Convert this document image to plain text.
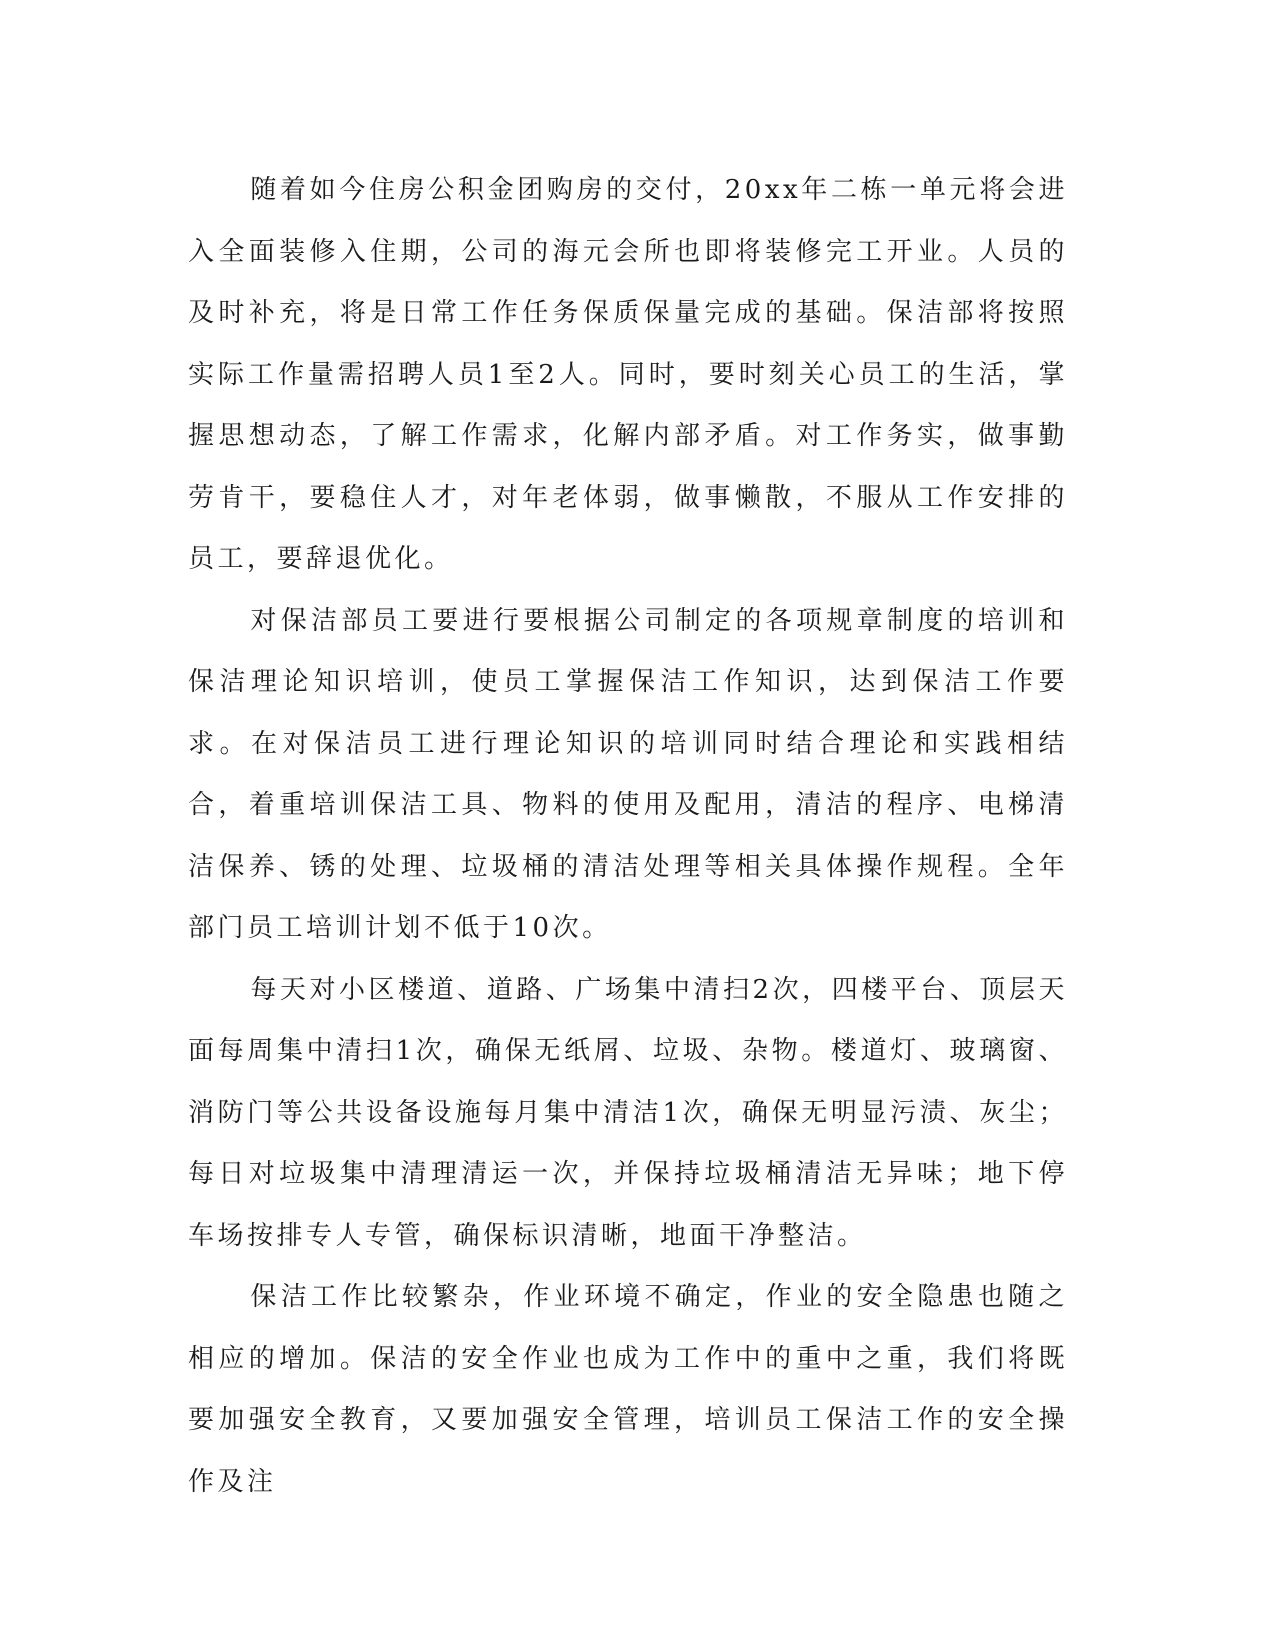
随着如今住房公积金团购房的交付，20xx年二栋一单元将会进入全面装修入住期，公司的海元会所也即将装修完工开业。人员的及时补充，将是日常工作任务保质保量完成的基础。保洁部将按照实际工作量需招聘人员1至2人。同时，要时刻关心员工的生活，掌握思想动态，了解工作需求，化解内部矛盾。对工作务实，做事勤劳肯干，要稳住人才，对年老体弱，做事懒散，不服从工作安排的员工，要辞退优化。

对保洁部员工要进行要根据公司制定的各项规章制度的培训和保洁理论知识培训，使员工掌握保洁工作知识，达到保洁工作要求。在对保洁员工进行理论知识的培训同时结合理论和实践相结合，着重培训保洁工具、物料的使用及配用，清洁的程序、电梯清洁保养、锈的处理、垃圾桶的清洁处理等相关具体操作规程。全年部门员工培训计划不低于10次。

每天对小区楼道、道路、广场集中清扫2次，四楼平台、顶层天面每周集中清扫1次，确保无纸屑、垃圾、杂物。楼道灯、玻璃窗、消防门等公共设备设施每月集中清洁1次，确保无明显污渍、灰尘；每日对垃圾集中清理清运一次，并保持垃圾桶清洁无异味；地下停车场按排专人专管，确保标识清晰，地面干净整洁。

保洁工作比较繁杂，作业环境不确定，作业的安全隐患也随之相应的增加。保洁的安全作业也成为工作中的重中之重，我们将既要加强安全教育，又要加强安全管理，培训员工保洁工作的安全操作及注
